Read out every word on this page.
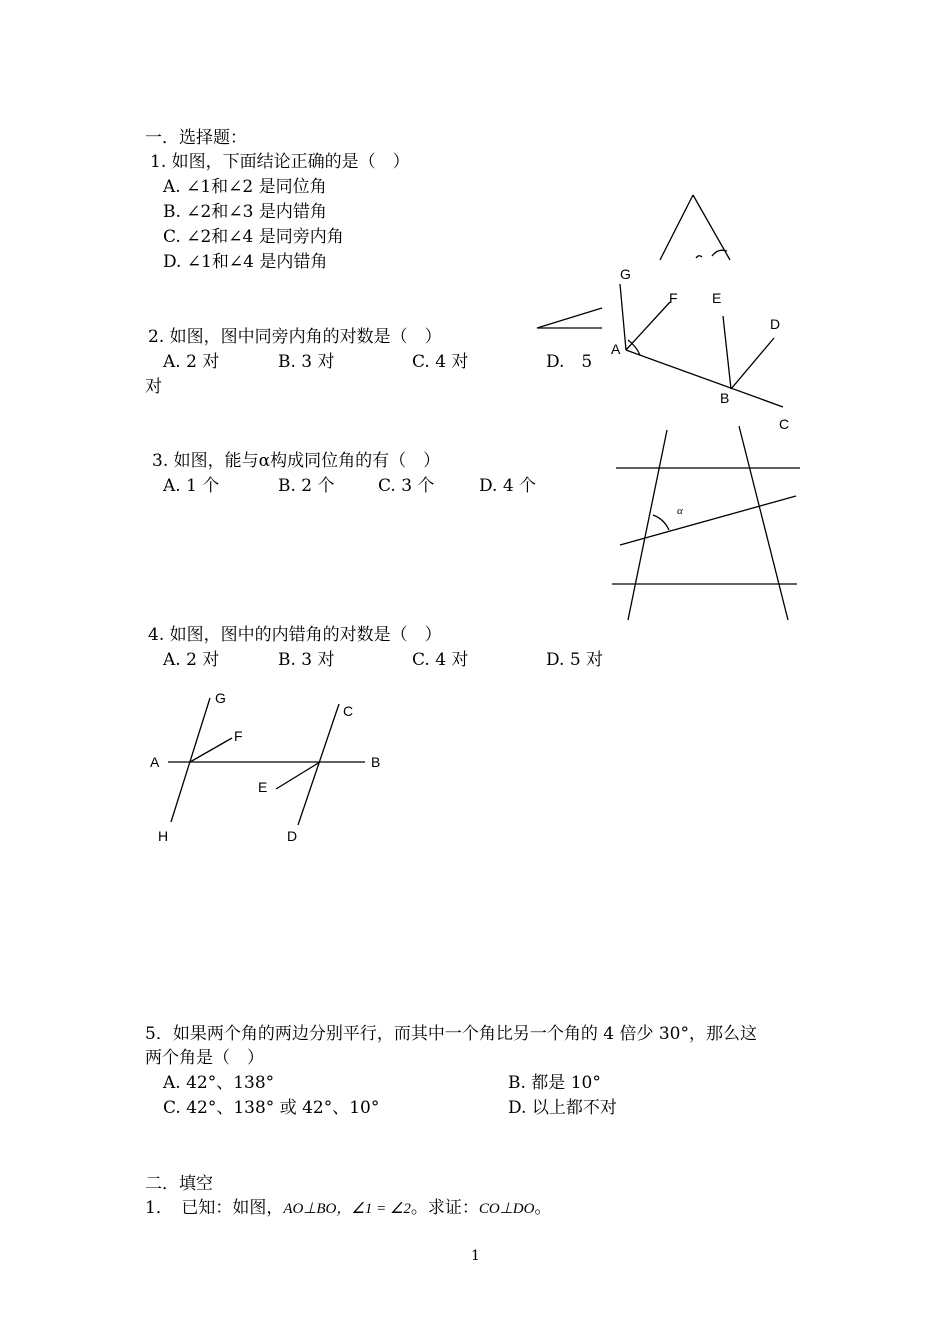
一．选择题：
1. 如图，下面结论正确的是（　）
A. ∠1和∠2 是同位角
B. ∠2和∠3 是内错角
C. ∠2和∠4 是同旁内角
D. ∠1和∠4 是内错角
2. 如图，图中同旁内角的对数是（　）
A. 2 对	B. 3 对	C. 4 对	D.　5
对
3. 如图，能与α构成同位角的有（　）
A. 1 个	B. 2 个	C. 3 个	D. 4 个
4. 如图，图中的内错角的对数是（　）
A. 2 对	B. 3 对	C. 4 对	D. 5 对
5．如果两个角的两边分别平行，而其中一个角比另一个角的 4 倍少 30°，那么这
两个角是（　）
A. 42°、138°	B. 都是 10°
C. 42°、138° 或 42°、10°	D. 以上都不对
二．填空
1．　已知：如图，AO⊥BO，∠1 = ∠2。求证：CO⊥DO。
1
G
F E
D
A
B
C
α
G
F
C
A	B
E
H	D
